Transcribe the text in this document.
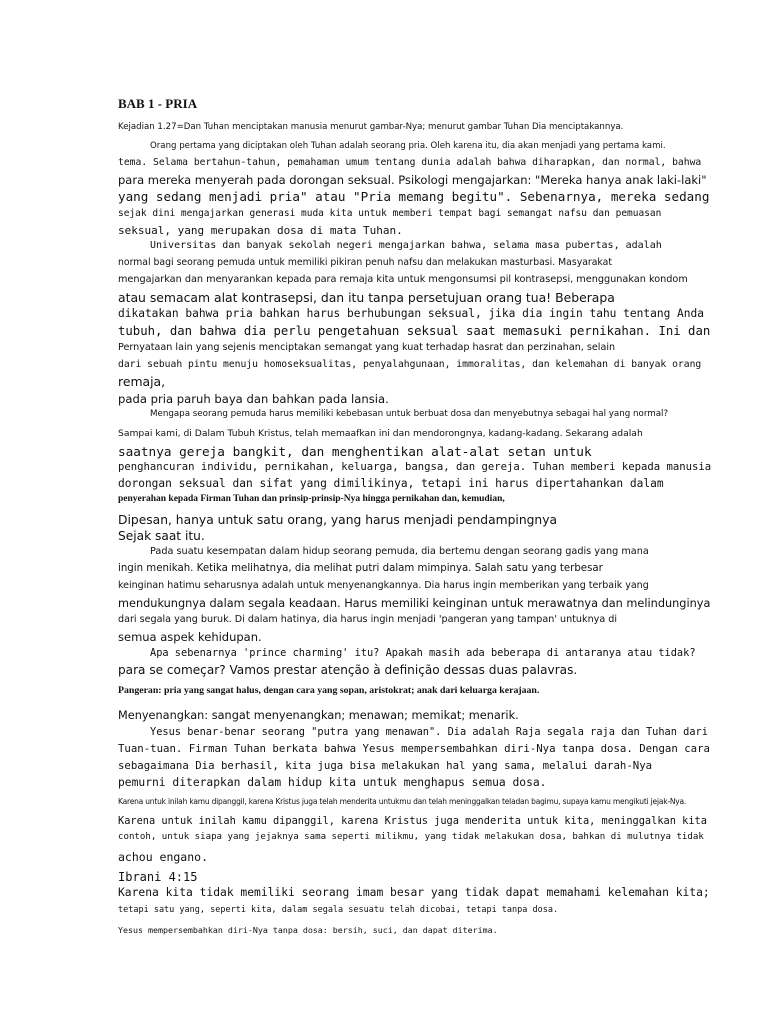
BAB 1 - PRIA

Kejadian 1.27=Dan Tuhan menciptakan manusia menurut gambar-Nya; menurut gambar Tuhan Dia menciptakannya.

Orang pertama yang diciptakan oleh Tuhan adalah seorang pria. Oleh karena itu, dia akan menjadi yang pertama kami.

tema. Selama bertahun-tahun, pemahaman umum tentang dunia adalah bahwa diharapkan, dan normal, bahwa

para mereka menyerah pada dorongan seksual. Psikologi mengajarkan: "Mereka hanya anak laki-laki"

yang sedang menjadi pria" atau "Pria memang begitu". Sebenarnya, mereka sedang

sejak dini mengajarkan generasi muda kita untuk memberi tempat bagi semangat nafsu dan pemuasan

seksual, yang merupakan dosa di mata Tuhan.

Universitas dan banyak sekolah negeri mengajarkan bahwa, selama masa pubertas, adalah

normal bagi seorang pemuda untuk memiliki pikiran penuh nafsu dan melakukan masturbasi. Masyarakat

mengajarkan dan menyarankan kepada para remaja kita untuk mengonsumsi pil kontrasepsi, menggunakan kondom

atau semacam alat kontrasepsi, dan itu tanpa persetujuan orang tua! Beberapa

dikatakan bahwa pria bahkan harus berhubungan seksual, jika dia ingin tahu tentang Anda

tubuh, dan bahwa dia perlu pengetahuan seksual saat memasuki pernikahan. Ini dan

Pernyataan lain yang sejenis menciptakan semangat yang kuat terhadap hasrat dan perzinahan, selain

dari sebuah pintu menuju homoseksualitas, penyalahgunaan, immoralitas, dan kelemahan di banyak orang

remaja,

pada pria paruh baya dan bahkan pada lansia.

Mengapa seorang pemuda harus memiliki kebebasan untuk berbuat dosa dan menyebutnya sebagai hal yang normal?

Sampai kami, di Dalam Tubuh Kristus, telah memaafkan ini dan mendorongnya, kadang-kadang. Sekarang adalah

saatnya gereja bangkit, dan menghentikan alat-alat setan untuk

penghancuran individu, pernikahan, keluarga, bangsa, dan gereja. Tuhan memberi kepada manusia

dorongan seksual dan sifat yang dimilikinya, tetapi ini harus dipertahankan dalam

penyerahan kepada Firman Tuhan dan prinsip-prinsip-Nya hingga pernikahan dan, kemudian,

Dipesan, hanya untuk satu orang, yang harus menjadi pendampingnya

Sejak saat itu.

Pada suatu kesempatan dalam hidup seorang pemuda, dia bertemu dengan seorang gadis yang mana

ingin menikah. Ketika melihatnya, dia melihat putri dalam mimpinya. Salah satu yang terbesar

keinginan hatimu seharusnya adalah untuk menyenangkannya. Dia harus ingin memberikan yang terbaik yang

mendukungnya dalam segala keadaan. Harus memiliki keinginan untuk merawatnya dan melindunginya

dari segala yang buruk. Di dalam hatinya, dia harus ingin menjadi 'pangeran yang tampan' untuknya di

semua aspek kehidupan.

Apa sebenarnya 'prince charming' itu? Apakah masih ada beberapa di antaranya atau tidak?

para se começar? Vamos prestar atenção à definição dessas duas palavras.

Pangeran: pria yang sangat halus, dengan cara yang sopan, aristokrat; anak dari keluarga kerajaan.

Menyenangkan: sangat menyenangkan; menawan; memikat; menarik.

Yesus benar-benar seorang "putra yang menawan". Dia adalah Raja segala raja dan Tuhan dari

Tuan-tuan. Firman Tuhan berkata bahwa Yesus mempersembahkan diri-Nya tanpa dosa. Dengan cara

sebagaimana Dia berhasil, kita juga bisa melakukan hal yang sama, melalui darah-Nya

pemurni diterapkan dalam hidup kita untuk menghapus semua dosa.

Karena untuk inilah kamu dipanggil, karena Kristus juga telah menderita untukmu dan telah meninggalkan teladan bagimu, supaya kamu mengikuti jejak-Nya.

Karena untuk inilah kamu dipanggil, karena Kristus juga menderita untuk kita, meninggalkan kita

contoh, untuk siapa yang jejaknya sama seperti milikmu, yang tidak melakukan dosa, bahkan di mulutnya tidak

achou engano.

Ibrani 4:15

Karena kita tidak memiliki seorang imam besar yang tidak dapat memahami kelemahan kita;

tetapi satu yang, seperti kita, dalam segala sesuatu telah dicobai, tetapi tanpa dosa.

Yesus mempersembahkan diri-Nya tanpa dosa: bersih, suci, dan dapat diterima.
